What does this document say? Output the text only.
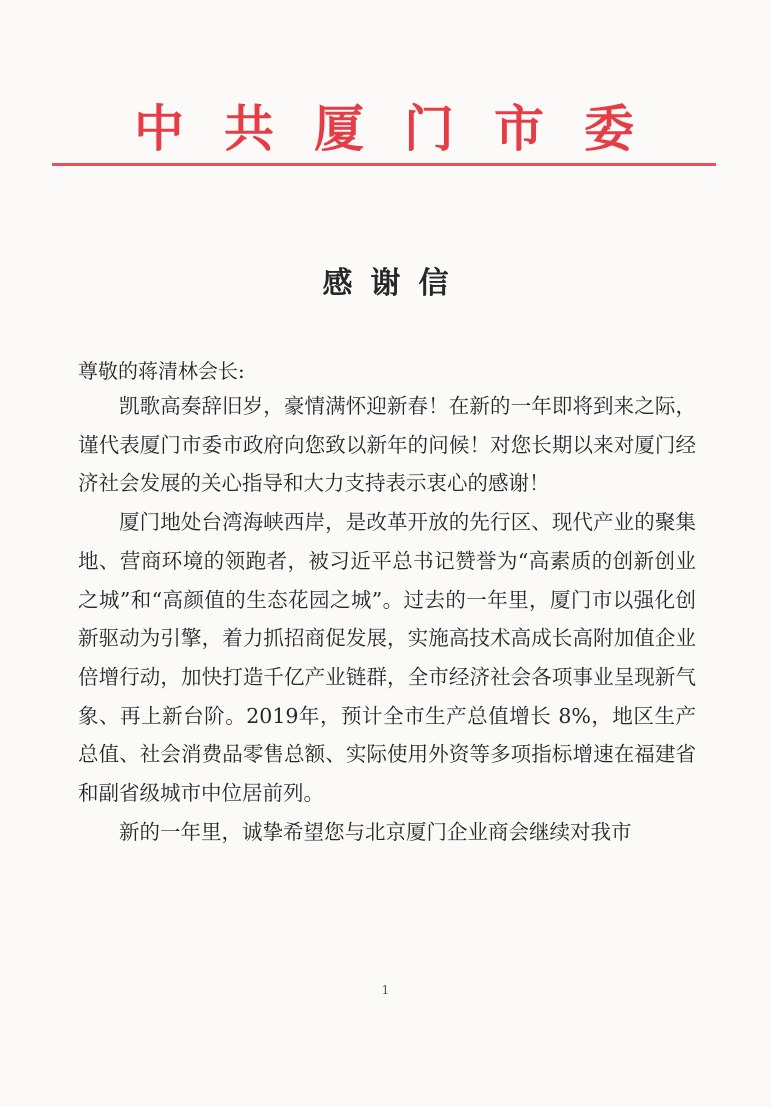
中共厦门市委
感谢信
尊敬的蒋清林会长:

凯歌高奏辞旧岁，豪情满怀迎新春！在新的一年即将到来之际，谨代表厦门市委市政府向您致以新年的问候！对您长期以来对厦门经济社会发展的关心指导和大力支持表示衷心的感谢！

厦门地处台湾海峡西岸，是改革开放的先行区、现代产业的聚集地、营商环境的领跑者，被习近平总书记赞誉为“高素质的创新创业之城”和“高颜值的生态花园之城”。过去的一年里，厦门市以强化创新驱动为引擎，着力抓招商促发展，实施高技术高成长高附加值企业倍增行动，加快打造千亿产业链群，全市经济社会各项事业呈现新气象、再上新台阶。2019年，预计全市生产总值增长 8%，地区生产总值、社会消费品零售总额、实际使用外资等多项指标增速在福建省和副省级城市中位居前列。

新的一年里，诚挚希望您与北京厦门企业商会继续对我市

1
